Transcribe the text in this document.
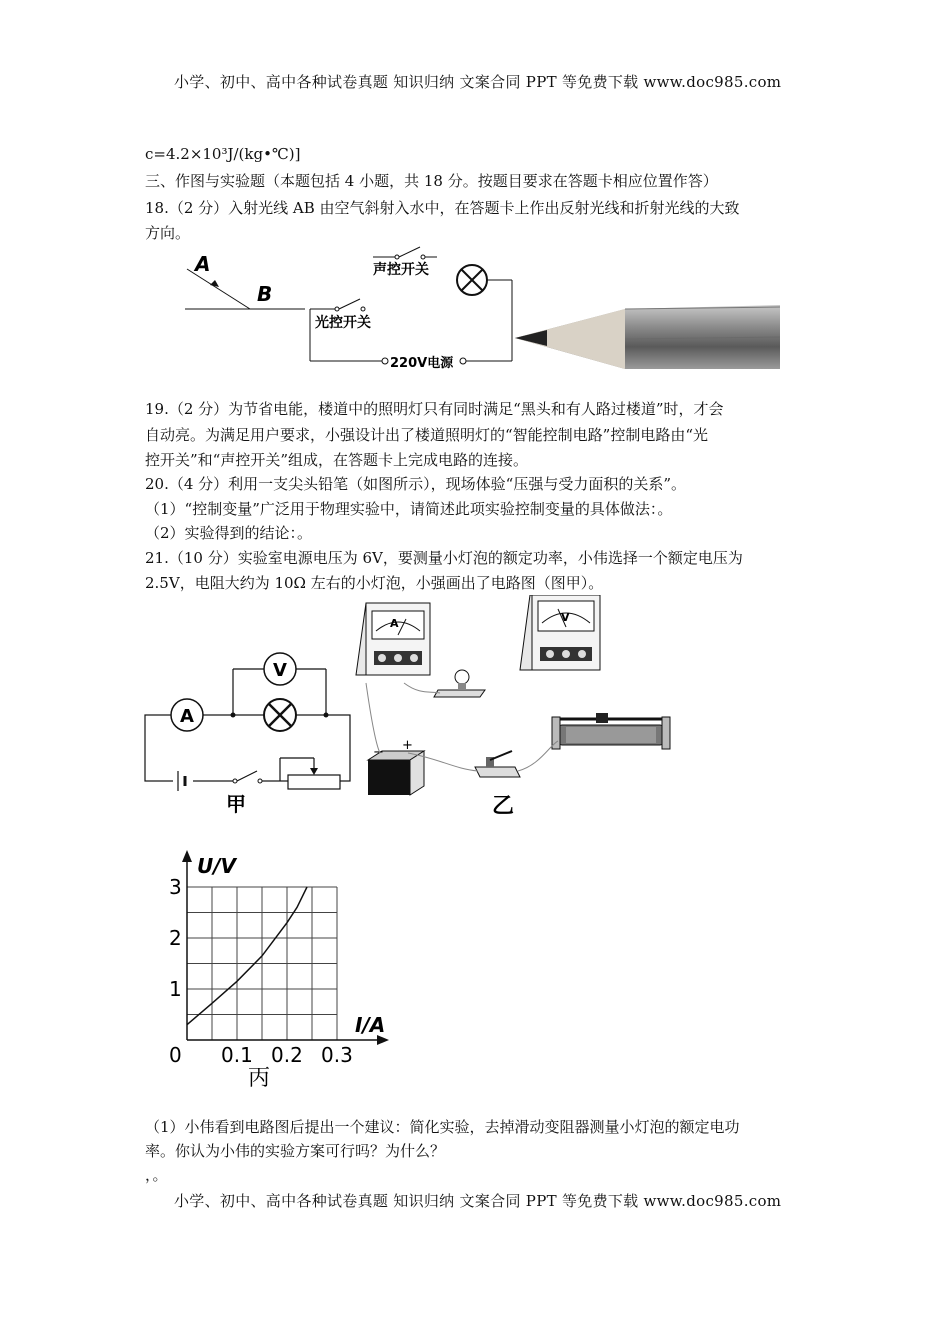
小学、初中、高中各种试卷真题 知识归纳 文案合同 PPT 等免费下载 www.doc985.com
小学、初中、高中各种试卷真题 知识归纳 文案合同 PPT 等免费下载 www.doc985.com
c=4.2×10³J/(kg•℃)]
三、作图与实验题（本题包括 4 小题，共 18 分。按题目要求在答题卡相应位置作答）
18.（2 分）入射光线 AB 由空气斜射入水中，在答题卡上作出反射光线和折射光线的大致
方向。
19.（2 分）为节省电能，楼道中的照明灯只有同时满足“黑头和有人路过楼道”时，才会
自动亮。为满足用户要求，小强设计出了楼道照明灯的“智能控制电路”控制电路由“光
控开关”和“声控开关”组成，在答题卡上完成电路的连接。
20.（4 分）利用一支尖头铅笔（如图所示），现场体验“压强与受力面积的关系”。
（1）“控制变量”广泛用于物理实验中，请简述此项实验控制变量的具体做法：。
（2）实验得到的结论：。
21.（10 分）实验室电源电压为 6V，要测量小灯泡的额定功率，小伟选择一个额定电压为
2.5V，电阻大约为 10Ω 左右的小灯泡，小强画出了电路图（图甲）。
（1）小伟看到电路图后提出一个建议：简化实验，去掉滑动变阻器测量小灯泡的额定电功
率。你认为小伟的实验方案可行吗？为什么？
，。
A
B
声控开关
光控开关
220V电源
A
V
甲
A	V
− +
乙
U/V
I/A
0
1
2
3
0.1 0.2 0.3
丙
